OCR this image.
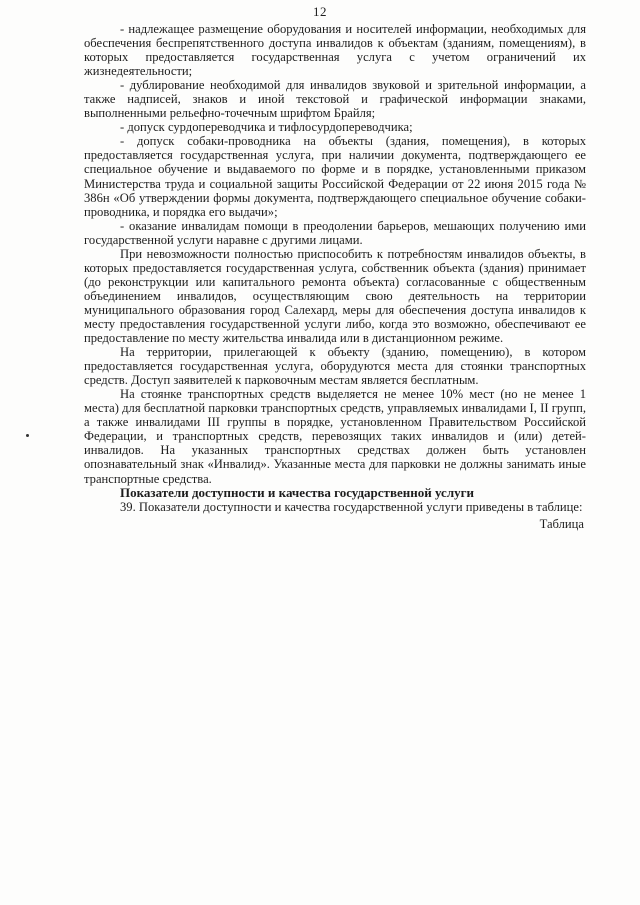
12

- надлежащее размещение оборудования и носителей информации, необходимых для обеспечения беспрепятственного доступа инвалидов к объектам (зданиям, помещениям), в которых предоставляется государственная услуга с учетом ограничений их жизнедеятельности;

- дублирование необходимой для инвалидов звуковой и зрительной информации, а также надписей, знаков и иной текстовой и графической информации знаками, выполненными рельефно-точечным шрифтом Брайля;

- допуск сурдопереводчика и тифлосурдопереводчика;

- допуск собаки-проводника на объекты (здания, помещения), в которых предоставляется государственная услуга, при наличии документа, подтверждающего ее специальное обучение и выдаваемого по форме и в порядке, установленными приказом Министерства труда и социальной защиты Российской Федерации от 22 июня 2015 года № 386н «Об утверждении формы документа, подтверждающего специальное обучение собаки-проводника, и порядка его выдачи»;

- оказание инвалидам помощи в преодолении барьеров, мешающих получению ими государственной услуги наравне с другими лицами.

При невозможности полностью приспособить к потребностям инвалидов объекты, в которых предоставляется государственная услуга, собственник объекта (здания) принимает (до реконструкции или капитального ремонта объекта) согласованные с общественным объединением инвалидов, осуществляющим свою деятельность на территории муниципального образования город Салехард, меры для обеспечения доступа инвалидов к месту предоставления государственной услуги либо, когда это возможно, обеспечивают ее предоставление по месту жительства инвалида или в дистанционном режиме.

На территории, прилегающей к объекту (зданию, помещению), в котором предоставляется государственная услуга, оборудуются места для стоянки транспортных средств. Доступ заявителей к парковочным местам является бесплатным.

На стоянке транспортных средств выделяется не менее 10% мест (но не менее 1 места) для бесплатной парковки транспортных средств, управляемых инвалидами I, II групп, а также инвалидами III группы в порядке, установленном Правительством Российской Федерации, и транспортных средств, перевозящих таких инвалидов и (или) детей-инвалидов. На указанных транспортных средствах должен быть установлен опознавательный знак «Инвалид». Указанные места для парковки не должны занимать иные транспортные средства.

Показатели доступности и качества государственной услуги

39. Показатели доступности и качества государственной услуги приведены в таблице:

Таблица
